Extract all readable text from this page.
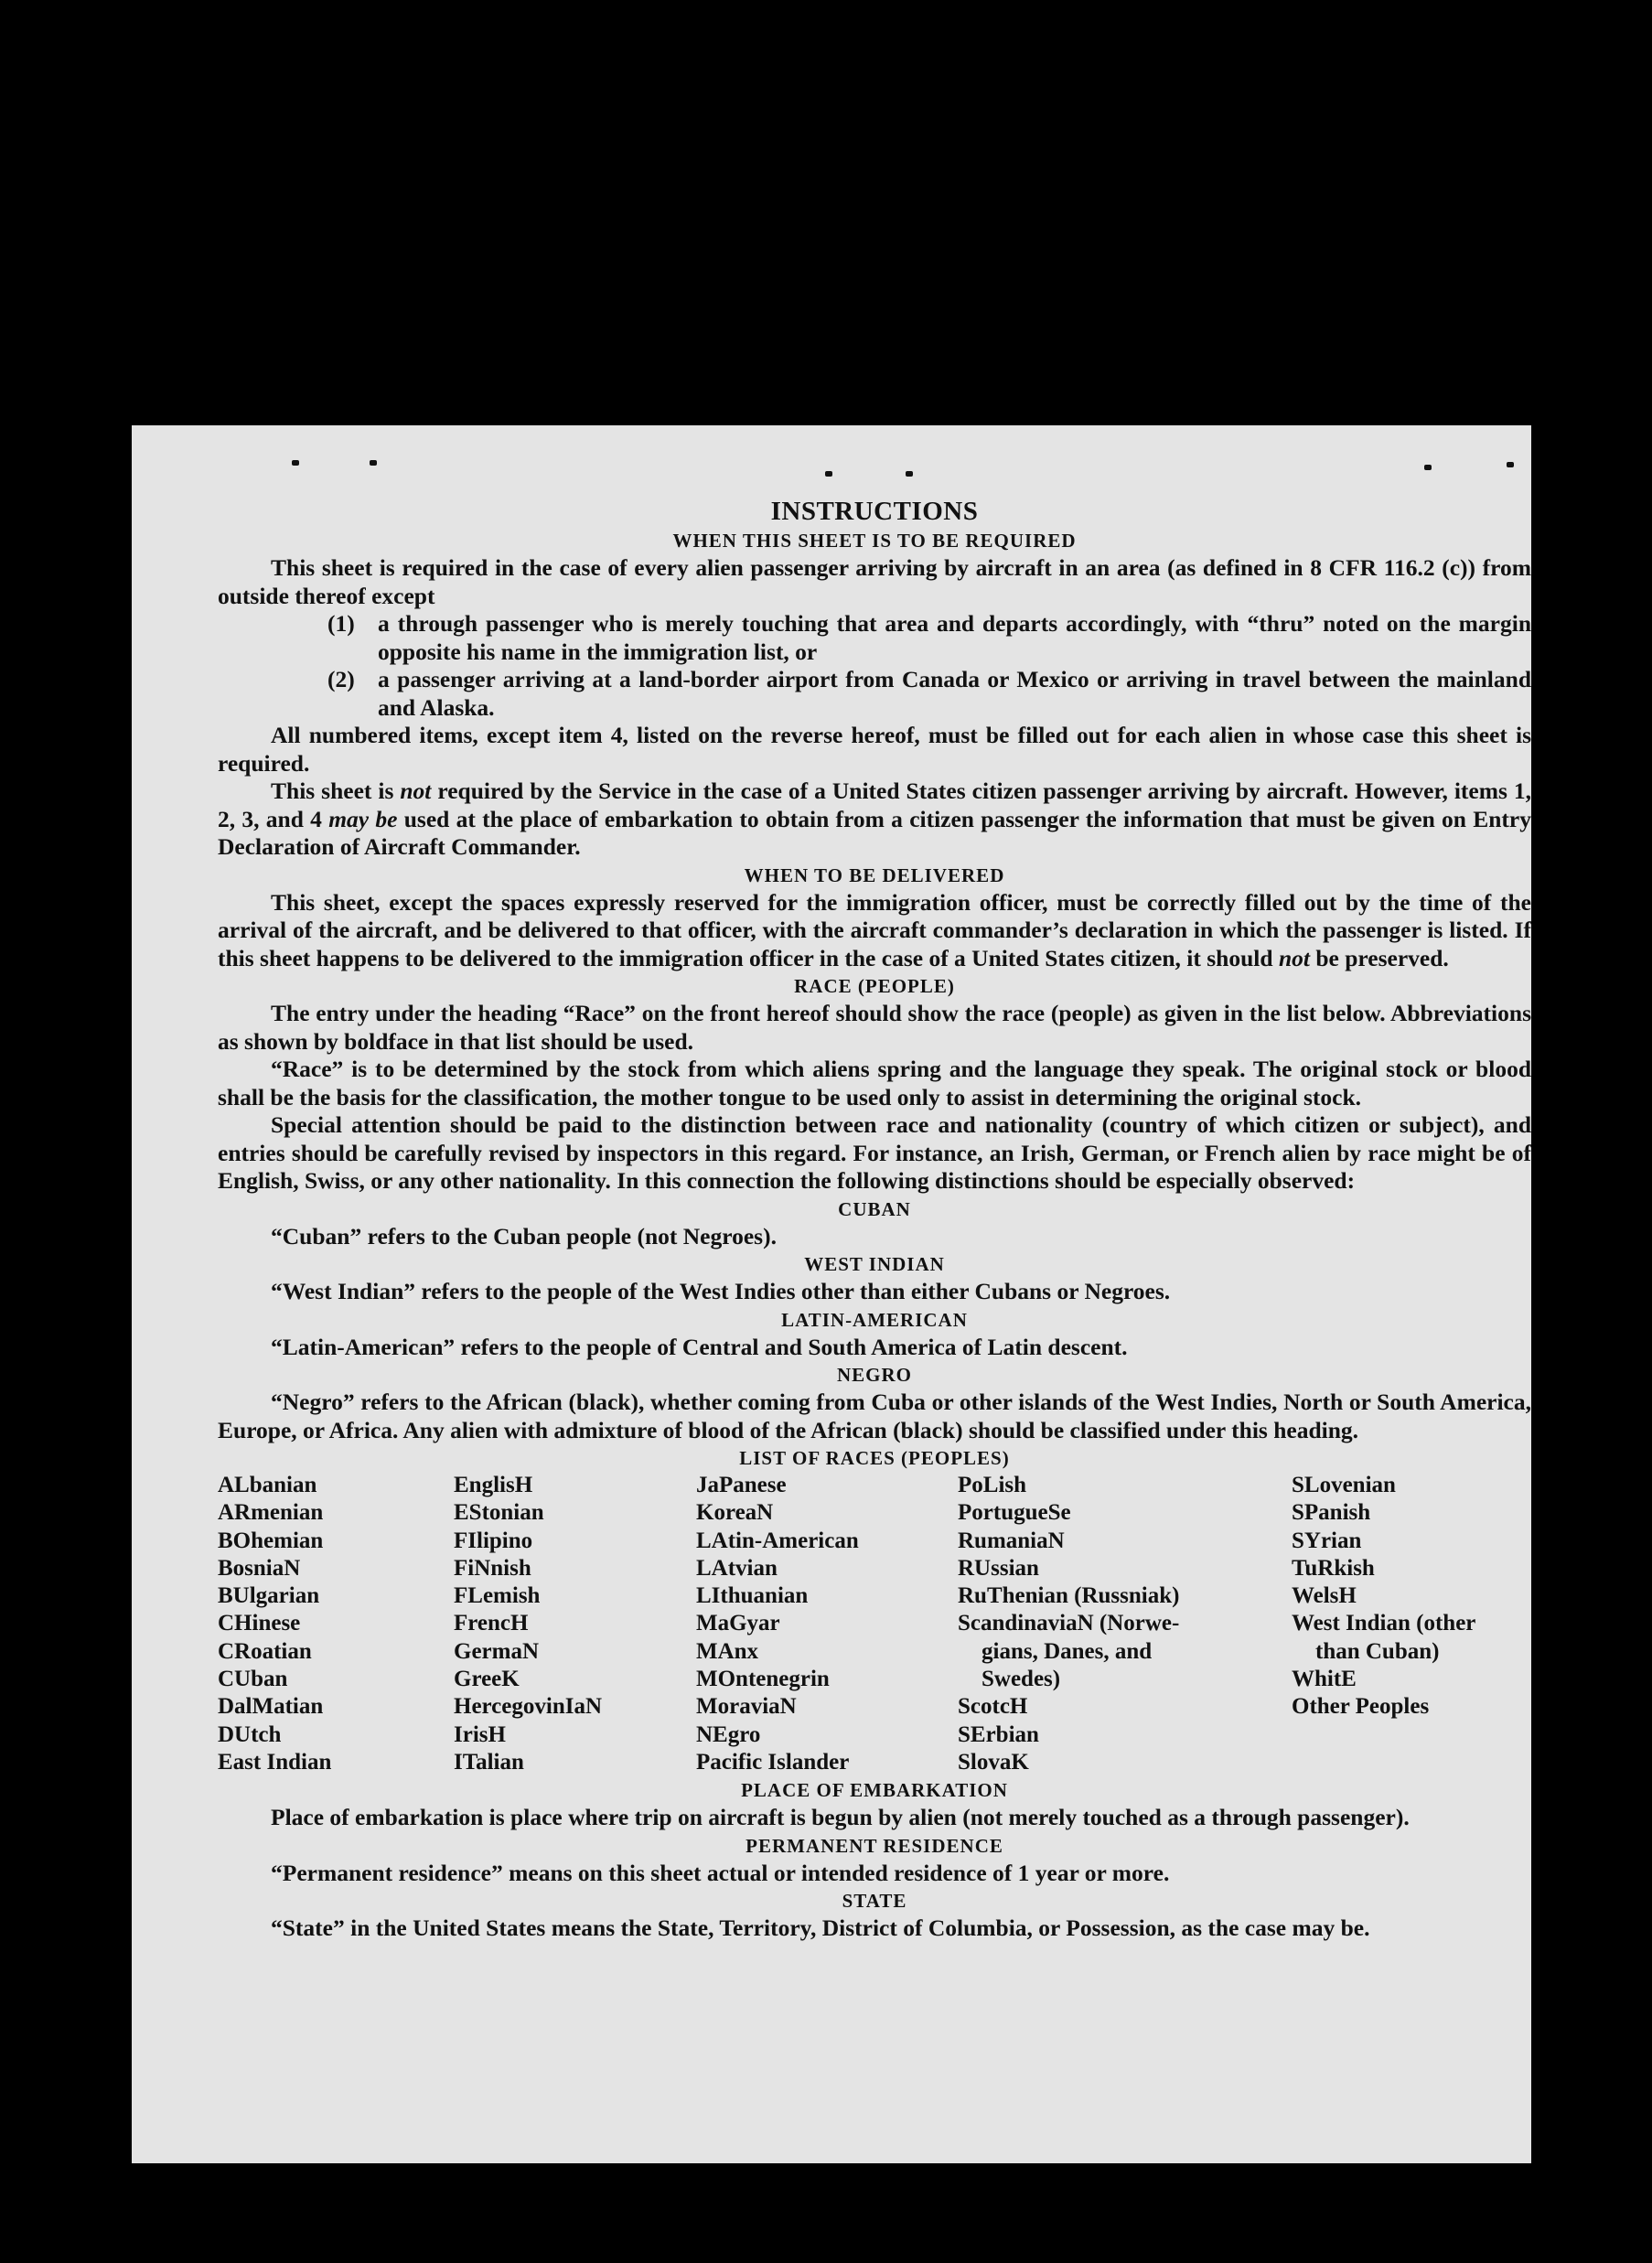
INSTRUCTIONS
WHEN THIS SHEET IS TO BE REQUIRED

This sheet is required in the case of every alien passenger arriving by aircraft in an area (as defined in 8 CFR 116.2 (c)) from outside thereof except

(1) a through passenger who is merely touching that area and departs accordingly, with “thru” noted on the margin opposite his name in the immigration list, or
(2) a passenger arriving at a land-border airport from Canada or Mexico or arriving in travel between the mainland and Alaska.

All numbered items, except item 4, listed on the reverse hereof, must be filled out for each alien in whose case this sheet is required.

This sheet is not required by the Service in the case of a United States citizen passenger arriving by aircraft. However, items 1, 2, 3, and 4 may be used at the place of embarkation to obtain from a citizen passenger the information that must be given on Entry Declaration of Aircraft Commander.

WHEN TO BE DELIVERED

This sheet, except the spaces expressly reserved for the immigration officer, must be correctly filled out by the time of the arrival of the aircraft, and be delivered to that officer, with the aircraft commander’s declaration in which the passenger is listed. If this sheet happens to be delivered to the immigration officer in the case of a United States citizen, it should not be preserved.

RACE (PEOPLE)

The entry under the heading “Race” on the front hereof should show the race (people) as given in the list below. Abbreviations as shown by boldface in that list should be used.

“Race” is to be determined by the stock from which aliens spring and the language they speak. The original stock or blood shall be the basis for the classification, the mother tongue to be used only to assist in determining the original stock.

Special attention should be paid to the distinction between race and nationality (country of which citizen or subject), and entries should be carefully revised by inspectors in this regard. For instance, an Irish, German, or French alien by race might be of English, Swiss, or any other nationality. In this connection the following distinctions should be especially observed:

CUBAN

“Cuban” refers to the Cuban people (not Negroes).

WEST INDIAN

“West Indian” refers to the people of the West Indies other than either Cubans or Negroes.

LATIN-AMERICAN

“Latin-American” refers to the people of Central and South America of Latin descent.

NEGRO

“Negro” refers to the African (black), whether coming from Cuba or other islands of the West Indies, North or South America, Europe, or Africa. Any alien with admixture of blood of the African (black) should be classified under this heading.

LIST OF RACES (PEOPLES)
ALbanian
ARmenian
BOhemian
BosniaN
BUlgarian
CHinese
CRoatian
CUban
DalMatian
DUtch
East Indian
EnglisH
EStonian
FIlipino
FiNnish
FLemish
FrencH
GermaN
GreeK
HercegovinIaN
IrisH
ITalian
JaPanese
KoreaN
LAtin-American
LAtvian
LIthuanian
MaGyar
MAnx
MOntenegrin
MoraviaN
NEgro
Pacific Islander
PoLish
PortugueSe
RumaniaN
RUssian
RuThenian (Russniak)
ScandinaviaN (Norwe-
gians, Danes, and
Swedes)
ScotcH
SErbian
SlovaK
SLovenian
SPanish
SYrian
TuRkish
WelsH
West Indian (other
than Cuban)
WhitE
Other Peoples
PLACE OF EMBARKATION

Place of embarkation is place where trip on aircraft is begun by alien (not merely touched as a through passenger).

PERMANENT RESIDENCE

“Permanent residence” means on this sheet actual or intended residence of 1 year or more.

STATE

“State” in the United States means the State, Territory, District of Columbia, or Possession, as the case may be.
